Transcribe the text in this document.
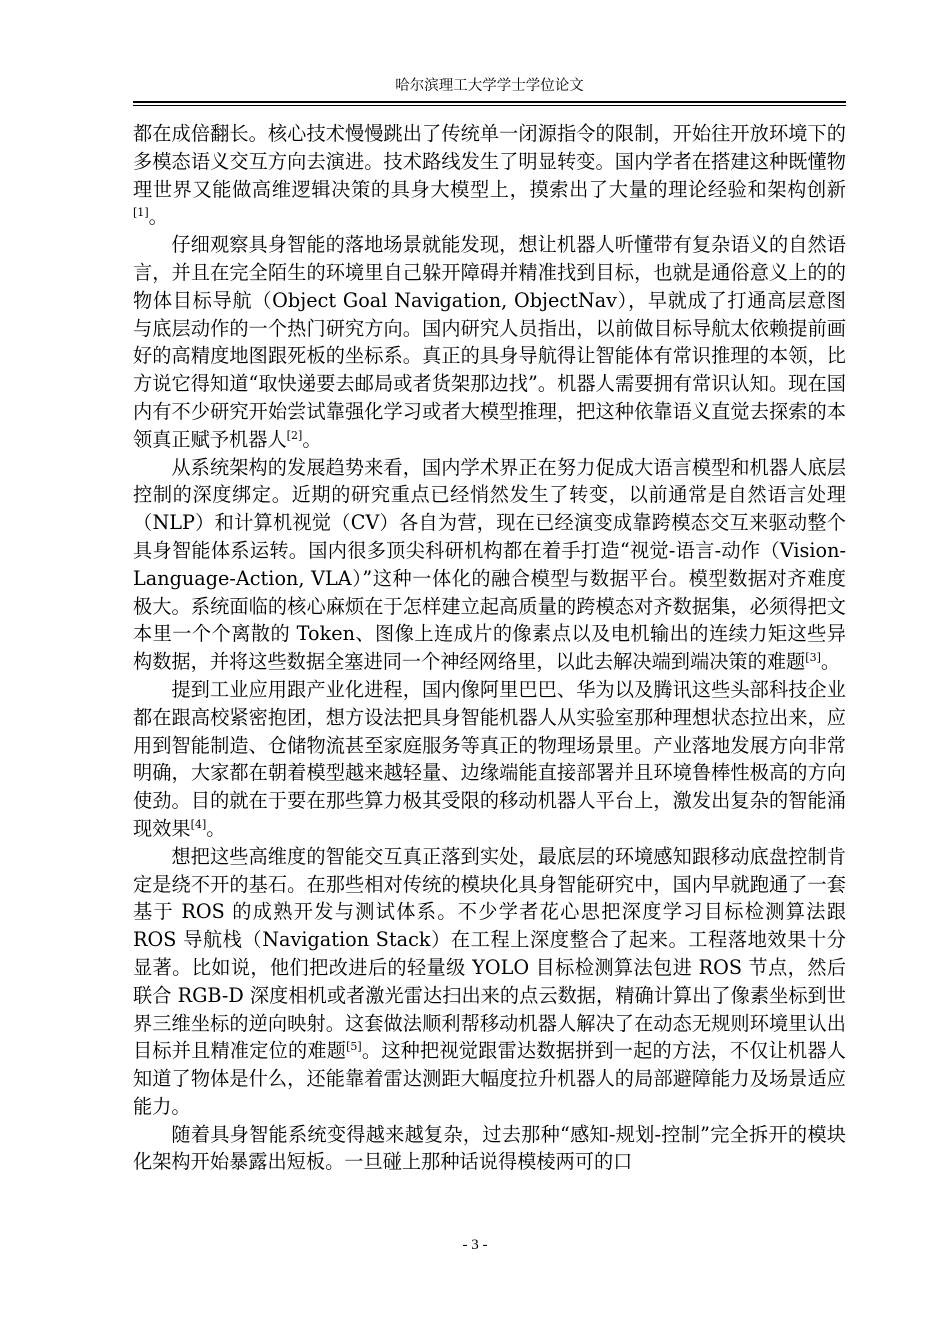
哈尔滨理工大学学士学位论文

都在成倍翻长。核心技术慢慢跳出了传统单一闭源指令的限制，开始往开放环境下的多模态语义交互方向去演进。技术路线发生了明显转变。国内学者在搭建这种既懂物理世界又能做高维逻辑决策的具身大模型上，摸索出了大量的理论经验和架构创新[1]。

仔细观察具身智能的落地场景就能发现，想让机器人听懂带有复杂语义的自然语言，并且在完全陌生的环境里自己躲开障碍并精准找到目标，也就是通俗意义上的的物体目标导航（Object Goal Navigation, ObjectNav），早就成了打通高层意图与底层动作的一个热门研究方向。国内研究人员指出，以前做目标导航太依赖提前画好的高精度地图跟死板的坐标系。真正的具身导航得让智能体有常识推理的本领，比方说它得知道“取快递要去邮局或者货架那边找”。机器人需要拥有常识认知。现在国内有不少研究开始尝试靠强化学习或者大模型推理，把这种依靠语义直觉去探索的本领真正赋予机器人[2]。

从系统架构的发展趋势来看，国内学术界正在努力促成大语言模型和机器人底层控制的深度绑定。近期的研究重点已经悄然发生了转变，以前通常是自然语言处理（NLP）和计算机视觉（CV）各自为营，现在已经演变成靠跨模态交互来驱动整个具身智能体系运转。国内很多顶尖科研机构都在着手打造“视觉-语言-动作（Vision-Language-Action, VLA）”这种一体化的融合模型与数据平台。模型数据对齐难度极大。系统面临的核心麻烦在于怎样建立起高质量的跨模态对齐数据集，必须得把文本里一个个离散的 Token、图像上连成片的像素点以及电机输出的连续力矩这些异构数据，并将这些数据全塞进同一个神经网络里，以此去解决端到端决策的难题[3]。

提到工业应用跟产业化进程，国内像阿里巴巴、华为以及腾讯这些头部科技企业都在跟高校紧密抱团，想方设法把具身智能机器人从实验室那种理想状态拉出来，应用到智能制造、仓储物流甚至家庭服务等真正的物理场景里。产业落地发展方向非常明确，大家都在朝着模型越来越轻量、边缘端能直接部署并且环境鲁棒性极高的方向使劲。目的就在于要在那些算力极其受限的移动机器人平台上，激发出复杂的智能涌现效果[4]。

想把这些高维度的智能交互真正落到实处，最底层的环境感知跟移动底盘控制肯定是绕不开的基石。在那些相对传统的模块化具身智能研究中，国内早就跑通了一套基于 ROS 的成熟开发与测试体系。不少学者花心思把深度学习目标检测算法跟 ROS 导航栈（Navigation Stack）在工程上深度整合了起来。工程落地效果十分显著。比如说，他们把改进后的轻量级 YOLO 目标检测算法包进 ROS 节点，然后联合 RGB-D 深度相机或者激光雷达扫出来的点云数据，精确计算出了像素坐标到世界三维坐标的逆向映射。这套做法顺利帮移动机器人解决了在动态无规则环境里认出目标并且精准定位的难题[5]。这种把视觉跟雷达数据拼到一起的方法，不仅让机器人知道了物体是什么，还能靠着雷达测距大幅度拉升机器人的局部避障能力及场景适应能力。

随着具身智能系统变得越来越复杂，过去那种“感知-规划-控制”完全拆开的模块化架构开始暴露出短板。一旦碰上那种话说得模棱两可的口

- 3 -
